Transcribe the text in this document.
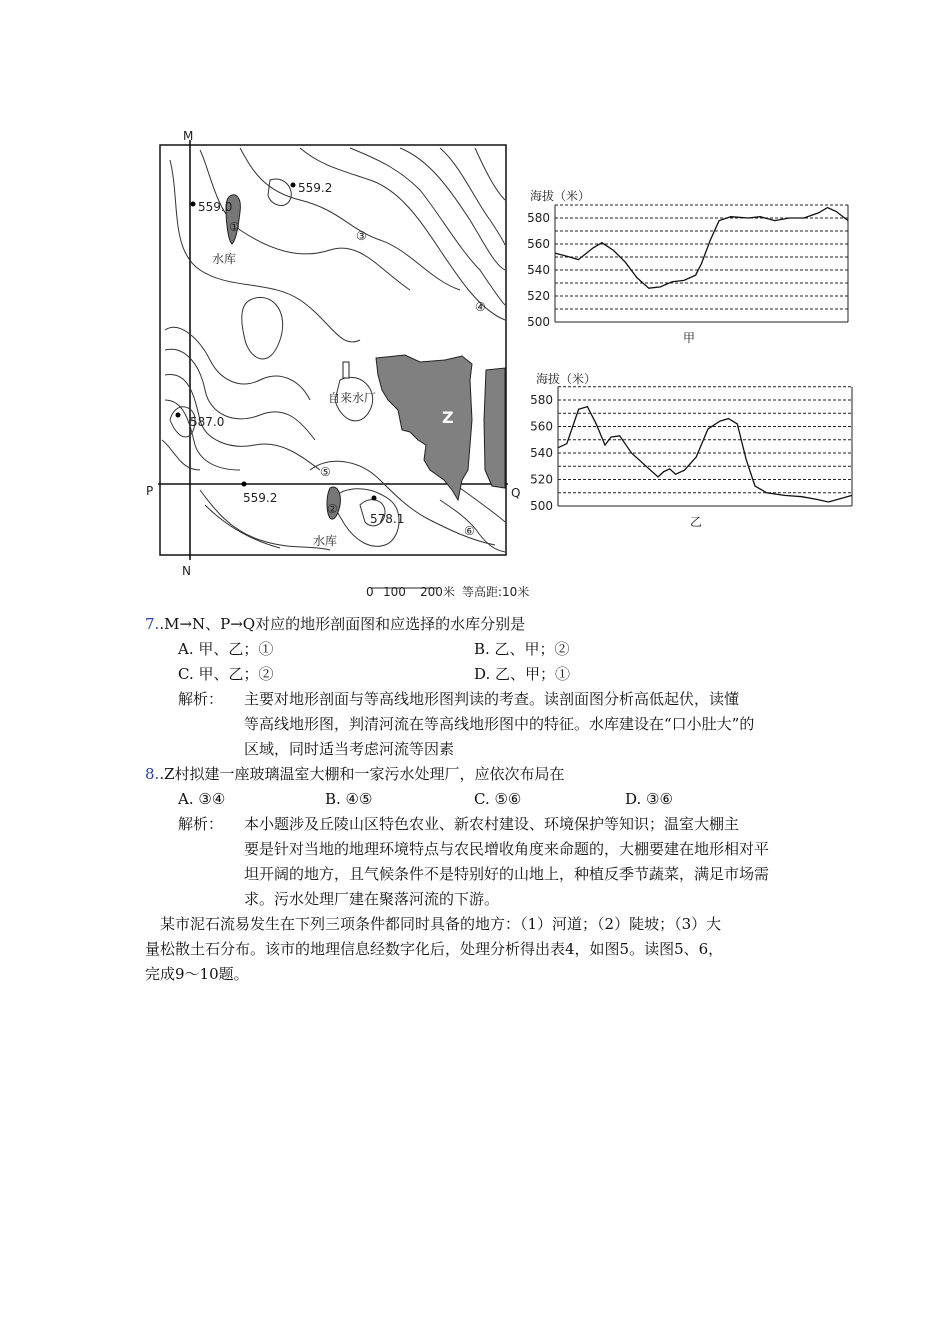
M
N
P	Q
559.2
559.0
587.0
559.2
578.1
①
②
③
④
⑤
⑥
水库
水库
自来水厂
Z
0 100 200米 等高距:10米
580
560
540
520
500
海拔（米）
甲
580
560
540
520
500
海拔（米）
乙
7..M→N、P→Q对应的地形剖面图和应选择的水库分别是
A. 甲、乙；①	B. 乙、甲；②
C. 甲、乙；②	D. 乙、甲；①
解析： 主要对地形剖面与等高线地形图判读的考查。读剖面图分析高低起伏，读懂
等高线地形图，判清河流在等高线地形图中的特征。水库建设在“口小肚大”的
区域，同时适当考虑河流等因素
8..Z村拟建一座玻璃温室大棚和一家污水处理厂，应依次布局在
A. ③④	B. ④⑤	C. ⑤⑥	D. ③⑥
解析： 本小题涉及丘陵山区特色农业、新农村建设、环境保护等知识；温室大棚主
要是针对当地的地理环境特点与农民增收角度来命题的，大棚要建在地形相对平
坦开阔的地方，且气候条件不是特别好的山地上，种植反季节蔬菜，满足市场需
求。污水处理厂建在聚落河流的下游。
某市泥石流易发生在下列三项条件都同时具备的地方：（1）河道；（2）陡坡；（3）大
量松散土石分布。该市的地理信息经数字化后，处理分析得出表4，如图5。读图5、6，
完成9～10题。
